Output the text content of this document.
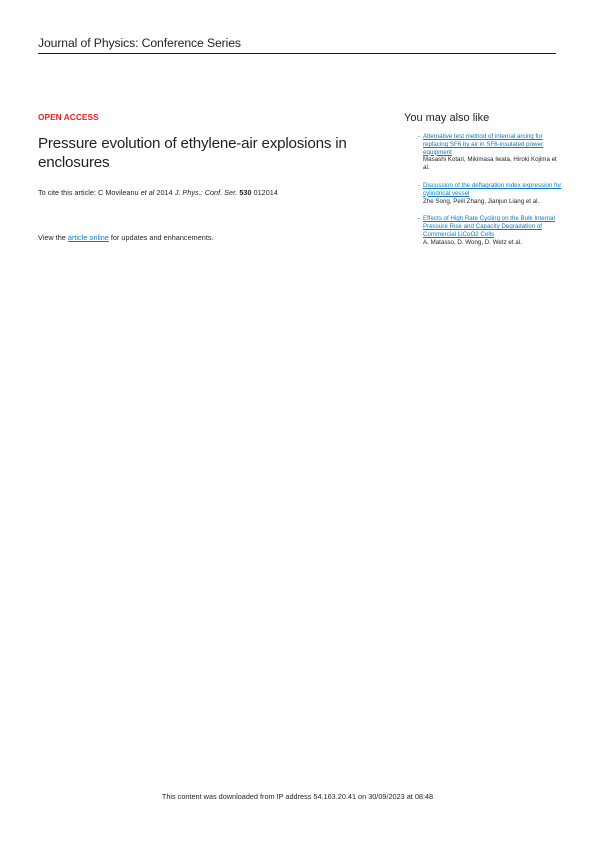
Journal of Physics: Conference Series
OPEN ACCESS
Pressure evolution of ethylene-air explosions in enclosures
To cite this article: C Movileanu et al 2014 J. Phys.: Conf. Ser. 530 012014
View the article online for updates and enhancements.
You may also like
- Alternative test method of internal arcing for replacing SF6 by air in SF6-insulated power equipment
Masashi Kotari, Mikimasa Iwata, Hiroki Kojima et al.
- Discussion of the deflagration index expression for cylindrical vessel
Zhe Song, Peili Zhang, Jianjun Liang et al.
- Effects of High Rate Cycling on the Bulk Internal Pressure Rise and Capacity Degradation of Commercial LiCoO2 Cells
A. Matasso, D. Wong, D. Wetz et al.
This content was downloaded from IP address 54.163.20.41 on 30/09/2023 at 08:48
